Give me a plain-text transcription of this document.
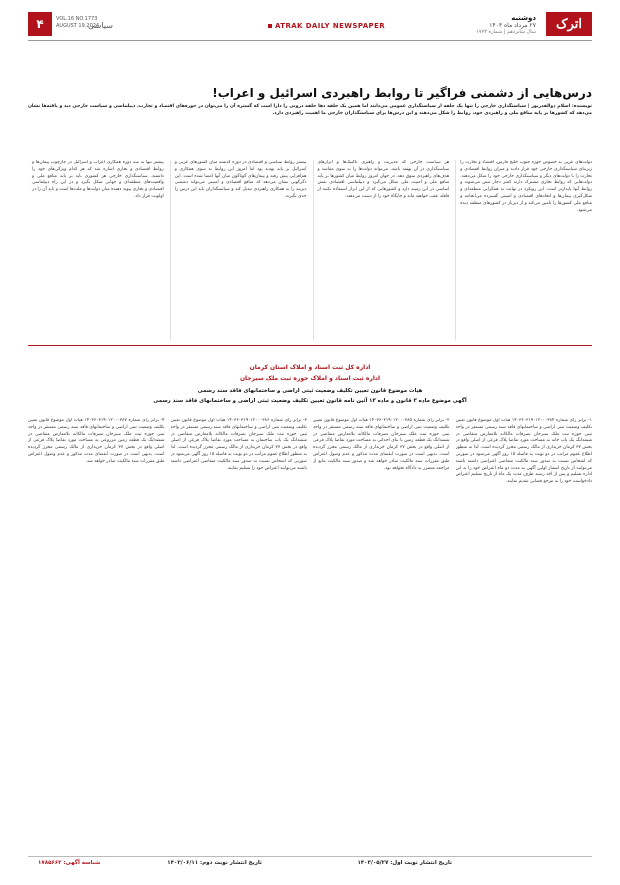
اترک
دوشنبه
۲۷ مرداد ماه ۱۴۰۳
سال شانزدهم | شماره ۱۷۷۳
ATRAK DAILY NEWSPAPER
سیاسی
VOL.16 NO.1773
AUGUST 19.2024
۴
درس‌هایی از دشمنی فراگیر تا روابط راهبردی اسرائیل و اعراب!
نویسنده: اسلام ذوالقدرپور | سیاستگذاری خارجی را تنها یک حلقه از سیاستگذاری عمومی می‌دانند اما همین یک حلقه دها حلقه درونی را دارا است که گستره آن را می‌توان در حوزه‌های اقتصاد و تجارت، دیپلماسی و سیاست خارجی دید و یافته‌ها نشان می‌دهد که کشورها بر پایه منافع ملی و راهبردی خود، روابط را شکل می‌دهند و این درس‌ها برای سیاستگذاران خارجی ما اهمیت راهبردی دارد.
دولت‌های عربی به خصوص حوزه جنوب خلیج فارس، اقتصاد و تجارت را زیربنای سیاستگذاری خارجی خود قرار دادند و میزان روابط اقتصادی و تجارت را با دولت‌های دیگر و سیاستگذاری خارجی خود را شکل می‌دهند. دولت‌هایی که روابط تجاری مشترک دارند کمتر دچار تنش می‌شوند و روابط آنها پایدارتر است. این رویکرد در نهایت به همگرایی منطقه‌ای و شکل‌گیری پیمان‌ها و اتحادهای اقتصادی و امنیتی گسترده می‌انجامد و منافع ملی کشورها را تامین می‌کند و از دیرباز در کشورهای منطقه دیده می‌شود.
هر سیاست خارجی که مدیریت و راهبری تاکتیک‌ها و ابزارهای سیاستگذاری در آن نهفته باشد، می‌تواند دولت‌ها را به سوی مقاصد و هدف‌های راهبردی سوق دهد. در جهان امروز روابط میان کشورها بر پایه منافع ملی و امنیت ملی شکل می‌گیرد و دیپلماسی اقتصادی نقش اساسی در این زمینه دارد و کشورهایی که از این ابزار استفاده نکنند از قافله عقب خواهند ماند و جایگاه خود را از دست می‌دهند.
بیشتر روابط سیاسی و اقتصادی در دوره گذشته میان کشورهای عربی و اسرائیل بر پایه تهدید بود اما امروز این روابط به سوی همکاری و هم‌افزایی پیش رفته و پیمان‌های گوناگون میان آنها امضا شده است. این دگرگونی نشان می‌دهد که منافع اقتصادی و امنیتی می‌تواند دشمنی دیرینه را به همکاری راهبردی تبدیل کند و سیاستگذاران باید این درس را جدی بگیرند.
پیشتر تنها به سه دوره همکاری اعراب و اسرائیل در چارچوب پیمان‌ها و روابط اقتصادی و تجاری اشاره شد که هر کدام ویژگی‌های خود را داشتند. سیاستگذاری خارجی هر کشوری باید بر پایه منافع ملی و واقعیت‌های منطقه‌ای و جهانی شکل بگیرد و در این راه دیپلماسی اقتصادی و تجاری پیوند دهنده میان دولت‌ها و ملت‌ها است و باید آن را در اولویت قرار داد.
اداره کل ثبت اسناد و املاک استان کرمان
اداره ثبت اسناد و املاک حوزه ثبت ملک سیرجان
هیات موضوع قانون تعیین تکلیف وضعیت ثبتی اراضی و ساختمانهای فاقد سند رسمی
آگهی موضوع ماده ۳ قانون و ماده ۱۳ آئین نامه قانون تعیین تکلیف وضعیت ثبتی اراضی و ساختمانهای فاقد سند رسمی
۱- برابر رای شماره ۱۴۰۳۶۰۳۱۹۰۱۲۰۰۰۳۸۴ هیات اول موضوع قانون تعیین تکلیف وضعیت ثبتی اراضی و ساختمانهای فاقد سند رسمی مستقر در واحد ثبتی حوزه ثبت ملک سیرجان تصرفات مالکانه بلامعارض متقاضی در ششدانگ یک باب خانه به مساحت مورد تقاضا پلاک فرعی از اصلی واقع در بخش ۳۷ کرمان خریداری از مالک رسمی محرز گردیده است. لذا به منظور اطلاع عموم مراتب در دو نوبت به فاصله ۱۵ روز آگهی می‌شود در صورتی که اشخاص نسبت به صدور سند مالکیت متقاضی اعتراضی داشته باشند می‌توانند از تاریخ انتشار اولین آگهی به مدت دو ماه اعتراض خود را به این اداره تسلیم و پس از اخذ رسید ظرف مدت یک ماه از تاریخ تسلیم اعتراض دادخواست خود را به مرجع قضایی تقدیم نمایند.
۲- برابر رای شماره ۱۴۰۳۶۰۳۱۹۰۱۲۰۰۰۳۸۵ هیات اول موضوع قانون تعیین تکلیف وضعیت ثبتی اراضی و ساختمانهای فاقد سند رسمی مستقر در واحد ثبتی حوزه ثبت ملک سیرجان تصرفات مالکانه بلامعارض متقاضی در ششدانگ یک قطعه زمین با بنای احداثی به مساحت مورد تقاضا پلاک فرعی از اصلی واقع در بخش ۳۷ کرمان خریداری از مالک رسمی محرز گردیده است. بدیهی است در صورت انقضای مدت مذکور و عدم وصول اعتراض طبق مقررات سند مالکیت صادر خواهد شد و صدور سند مالکیت مانع از مراجعه متضرر به دادگاه نخواهد بود.
۳- برابر رای شماره ۱۴۰۳۶۰۳۱۹۰۱۲۰۰۰۳۸۶ هیات اول موضوع قانون تعیین تکلیف وضعیت ثبتی اراضی و ساختمانهای فاقد سند رسمی مستقر در واحد ثبتی حوزه ثبت ملک سیرجان تصرفات مالکانه بلامعارض متقاضی در ششدانگ یک باب ساختمان به مساحت مورد تقاضا پلاک فرعی از اصلی واقع در بخش ۳۷ کرمان خریداری از مالک رسمی محرز گردیده است. لذا به منظور اطلاع عموم مراتب در دو نوبت به فاصله ۱۵ روز آگهی می‌شود در صورتی که اشخاص نسبت به صدور سند مالکیت متقاضی اعتراضی داشته باشند می‌توانند اعتراض خود را تسلیم نمایند.
۴- برابر رای شماره ۱۴۰۳۶۰۳۱۹۰۱۲۰۰۰۳۸۷ هیات اول موضوع قانون تعیین تکلیف وضعیت ثبتی اراضی و ساختمانهای فاقد سند رسمی مستقر در واحد ثبتی حوزه ثبت ملک سیرجان تصرفات مالکانه بلامعارض متقاضی در ششدانگ یک قطعه زمین مزروعی به مساحت مورد تقاضا پلاک فرعی از اصلی واقع در بخش ۳۷ کرمان خریداری از مالک رسمی محرز گردیده است. بدیهی است در صورت انقضای مدت مذکور و عدم وصول اعتراض طبق مقررات سند مالکیت صادر خواهد شد.
تاریخ انتشار نوبت اول: ۱۴۰۳/۰۵/۲۷
تاریخ انتشار نوبت دوم: ۱۴۰۳/۰۶/۱۱
شناسه آگهی: ۱۷۸۵۶۶۲
